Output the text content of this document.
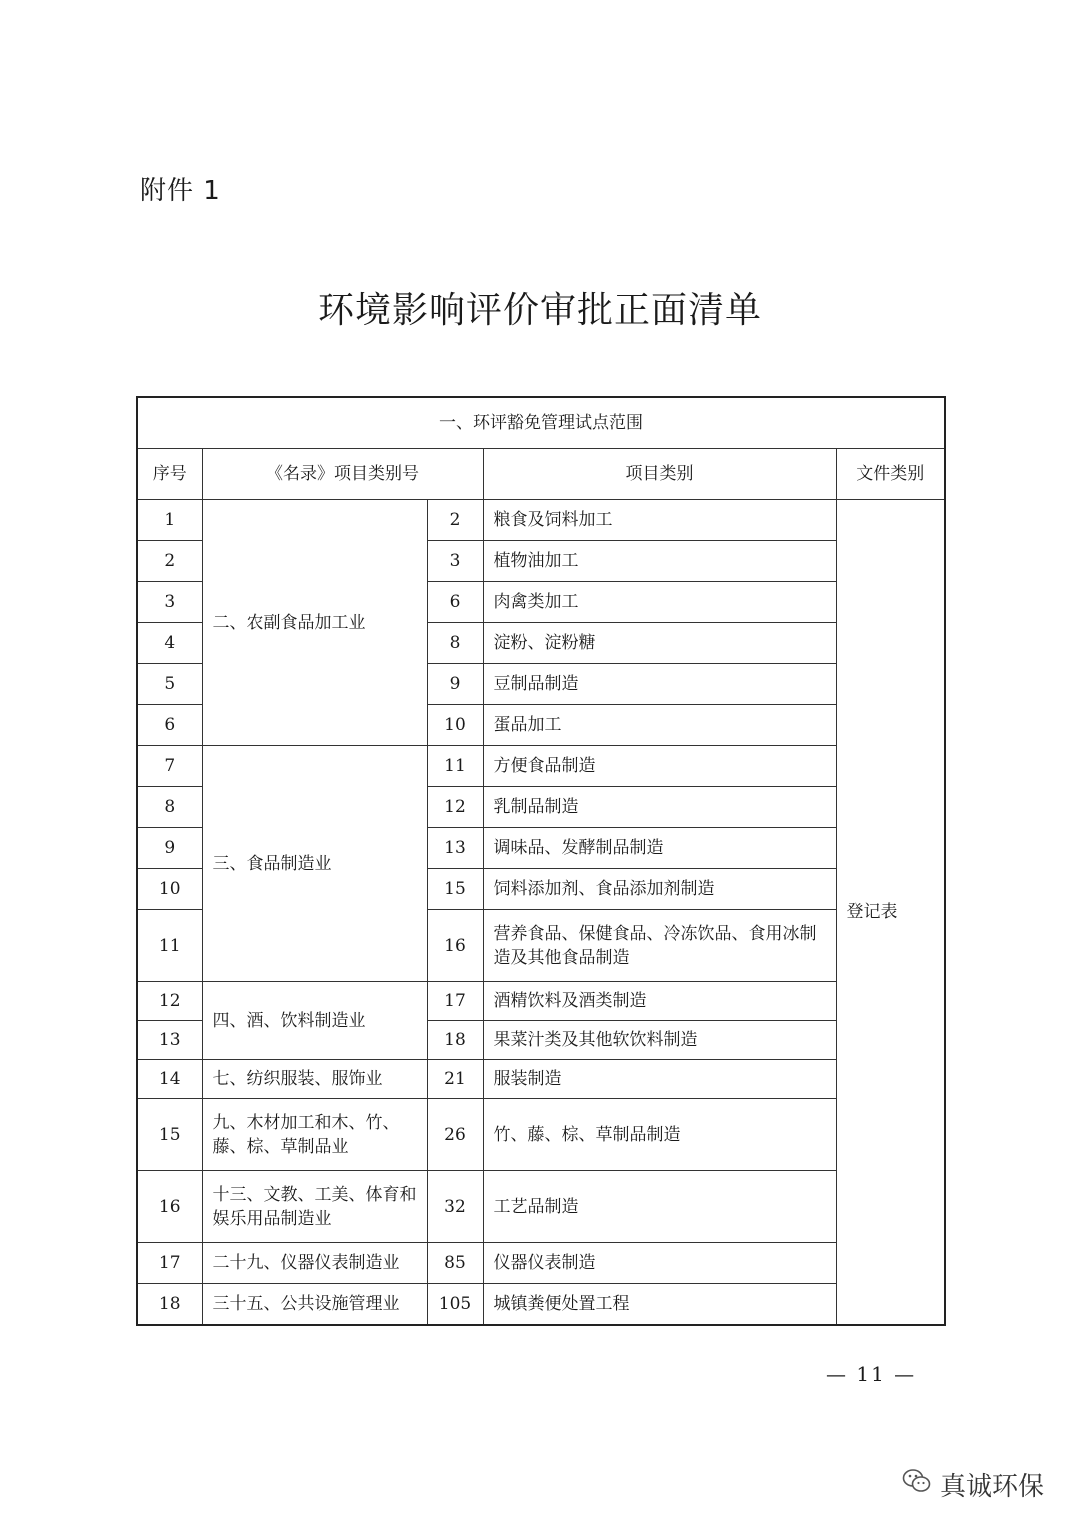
附件 1
环境影响评价审批正面清单
一、环评豁免管理试点范围				
序号	《名录》项目类别号		项目类别	文件类别
1	二、农副食品加工业	2	粮食及饲料加工	登记表
2		3	植物油加工	
3		6	肉禽类加工	
4		8	淀粉、淀粉糖	
5		9	豆制品制造	
6		10	蛋品加工	
7	三、食品制造业	11	方便食品制造	
8		12	乳制品制造	
9		13	调味品、发酵制品制造	
10		15	饲料添加剂、食品添加剂制造	
11		16	营养食品、保健食品、冷冻饮品、食用冰制造及其他食品制造	
12	四、酒、饮料制造业	17	酒精饮料及酒类制造	
13		18	果菜汁类及其他软饮料制造	
14	七、纺织服装、服饰业	21	服装制造	
15	九、木材加工和木、竹、藤、棕、草制品业	26	竹、藤、棕、草制品制造	
16	十三、文教、工美、体育和娱乐用品制造业	32	工艺品制造	
17	二十九、仪器仪表制造业	85	仪器仪表制造	
18	三十五、公共设施管理业	105	城镇粪便处置工程	
— 11 —
真诚环保
